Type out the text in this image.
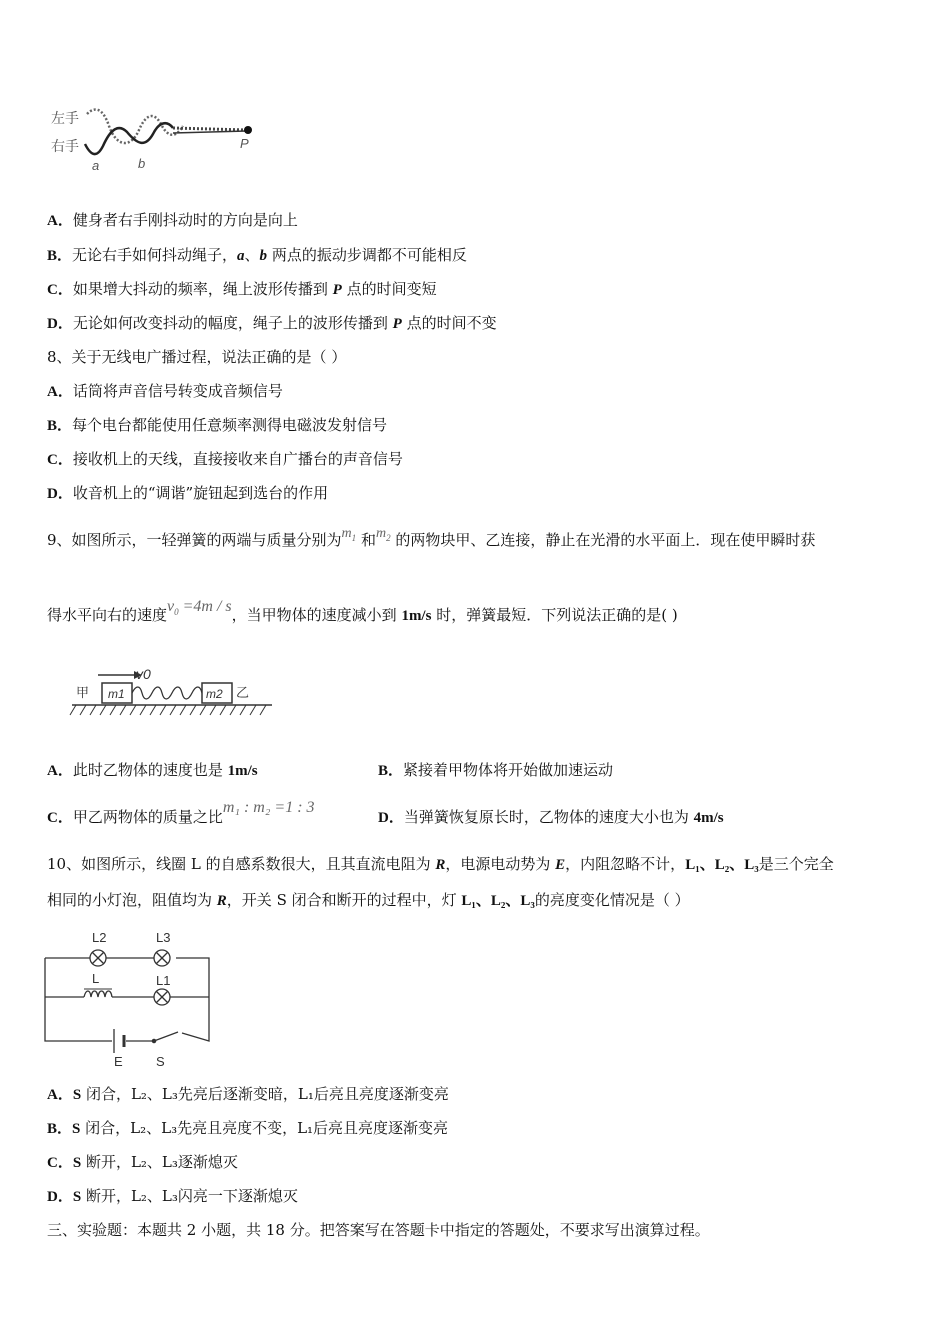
左手
右手
a	b
P
A．健身者右手刚抖动时的方向是向上
B．无论右手如何抖动绳子，a、b 两点的振动步调都不可能相反
C．如果增大抖动的频率，绳上波形传播到 P 点的时间变短
D．无论如何改变抖动的幅度，绳子上的波形传播到 P 点的时间不变
8、关于无线电广播过程，说法正确的是（ ）
A．话筒将声音信号转变成音频信号
B．每个电台都能使用任意频率测得电磁波发射信号
C．接收机上的天线，直接接收来自广播台的声音信号
D．收音机上的“调谐”旋钮起到选台的作用
9、如图所示，一轻弹簧的两端与质量分别为$m_1$ 和$m_2$ 的两物块甲、乙连接，静止在光滑的水平面上．现在使甲瞬时获
得水平向右的速度$v_0 =4m / s$，当甲物体的速度减小到 1m/s 时，弹簧最短．下列说法正确的是( )
v0
甲 m1	m2 乙
A．此时乙物体的速度也是 1m/s	B．紧接着甲物体将开始做加速运动
C．甲乙两物体的质量之比m₁ : m₂ =1 : 3
D．当弹簧恢复原长时，乙物体的速度大小也为 4m/s
10、如图所示，线圈 L 的自感系数很大，且其直流电阻为 R，电源电动势为 E，内阻忽略不计，L₁、L₂、L₃是三个完全
相同的小灯泡，阻值均为 R，开关 S 闭合和断开的过程中，灯 L₁、L₂、L₃的亮度变化情况是（ ）
L2	L3
L	L1
E	S
A．S 闭合，L₂、L₃先亮后逐渐变暗，L₁后亮且亮度逐渐变亮
B．S 闭合，L₂、L₃先亮且亮度不变，L₁后亮且亮度逐渐变亮
C．S 断开，L₂、L₃逐渐熄灭
D．S 断开，L₂、L₃闪亮一下逐渐熄灭
三、实验题：本题共 2 小题，共 18 分。把答案写在答题卡中指定的答题处，不要求写出演算过程。
